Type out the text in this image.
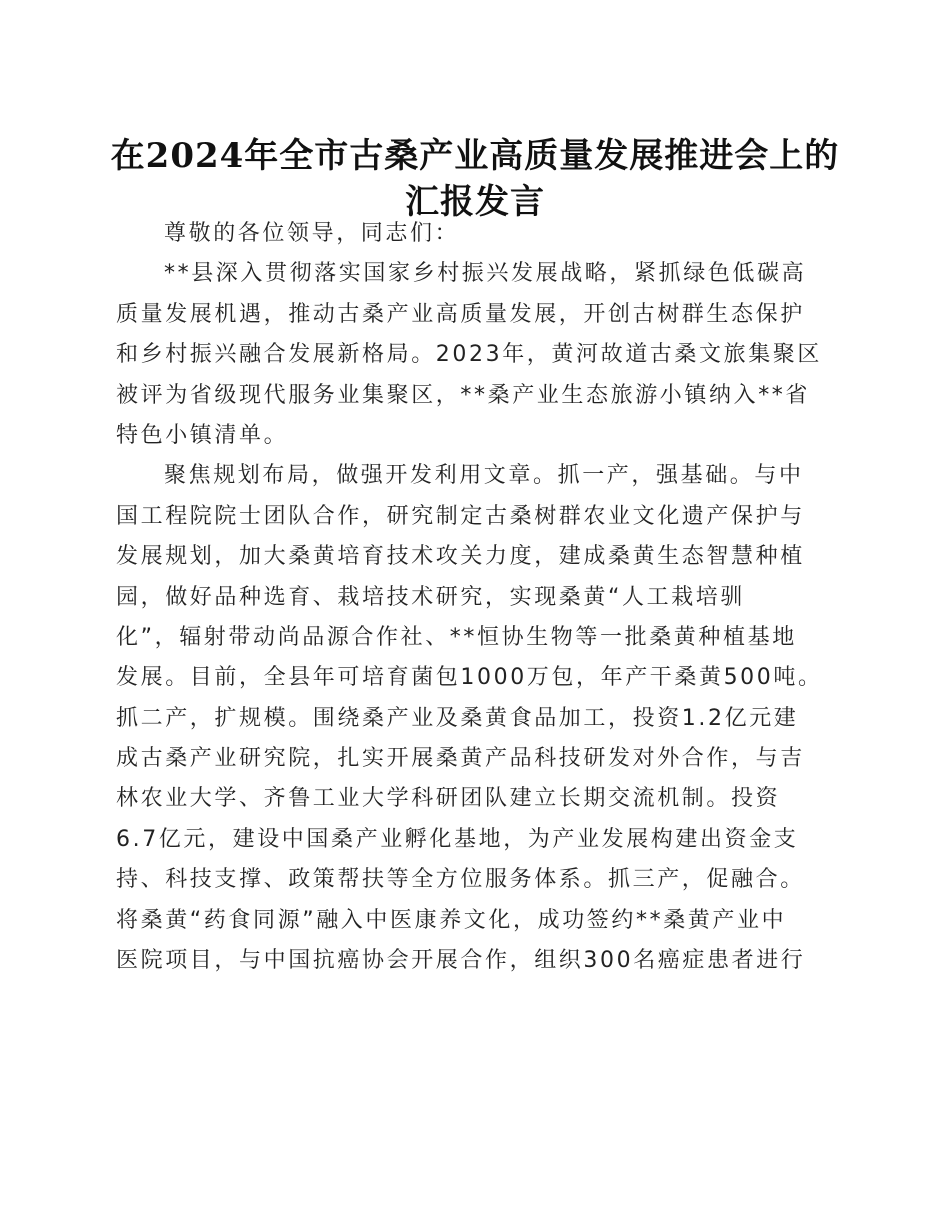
在2024年全市古桑产业高质量发展推进会上的
汇报发言
尊敬的各位领导，同志们：
**县深入贯彻落实国家乡村振兴发展战略，紧抓绿色低碳高
质量发展机遇，推动古桑产业高质量发展，开创古树群生态保护
和乡村振兴融合发展新格局。2023年，黄河故道古桑文旅集聚区
被评为省级现代服务业集聚区，**桑产业生态旅游小镇纳入**省
特色小镇清单。
聚焦规划布局，做强开发利用文章。抓一产，强基础。与中
国工程院院士团队合作，研究制定古桑树群农业文化遗产保护与
发展规划，加大桑黄培育技术攻关力度，建成桑黄生态智慧种植
园，做好品种选育、栽培技术研究，实现桑黄“人工栽培驯
化”，辐射带动尚品源合作社、**恒协生物等一批桑黄种植基地
发展。目前，全县年可培育菌包1000万包，年产干桑黄500吨。
抓二产，扩规模。围绕桑产业及桑黄食品加工，投资1.2亿元建
成古桑产业研究院，扎实开展桑黄产品科技研发对外合作，与吉
林农业大学、齐鲁工业大学科研团队建立长期交流机制。投资
6.7亿元，建设中国桑产业孵化基地，为产业发展构建出资金支
持、科技支撑、政策帮扶等全方位服务体系。抓三产，促融合。
将桑黄“药食同源”融入中医康养文化，成功签约**桑黄产业中
医院项目，与中国抗癌协会开展合作，组织300名癌症患者进行
